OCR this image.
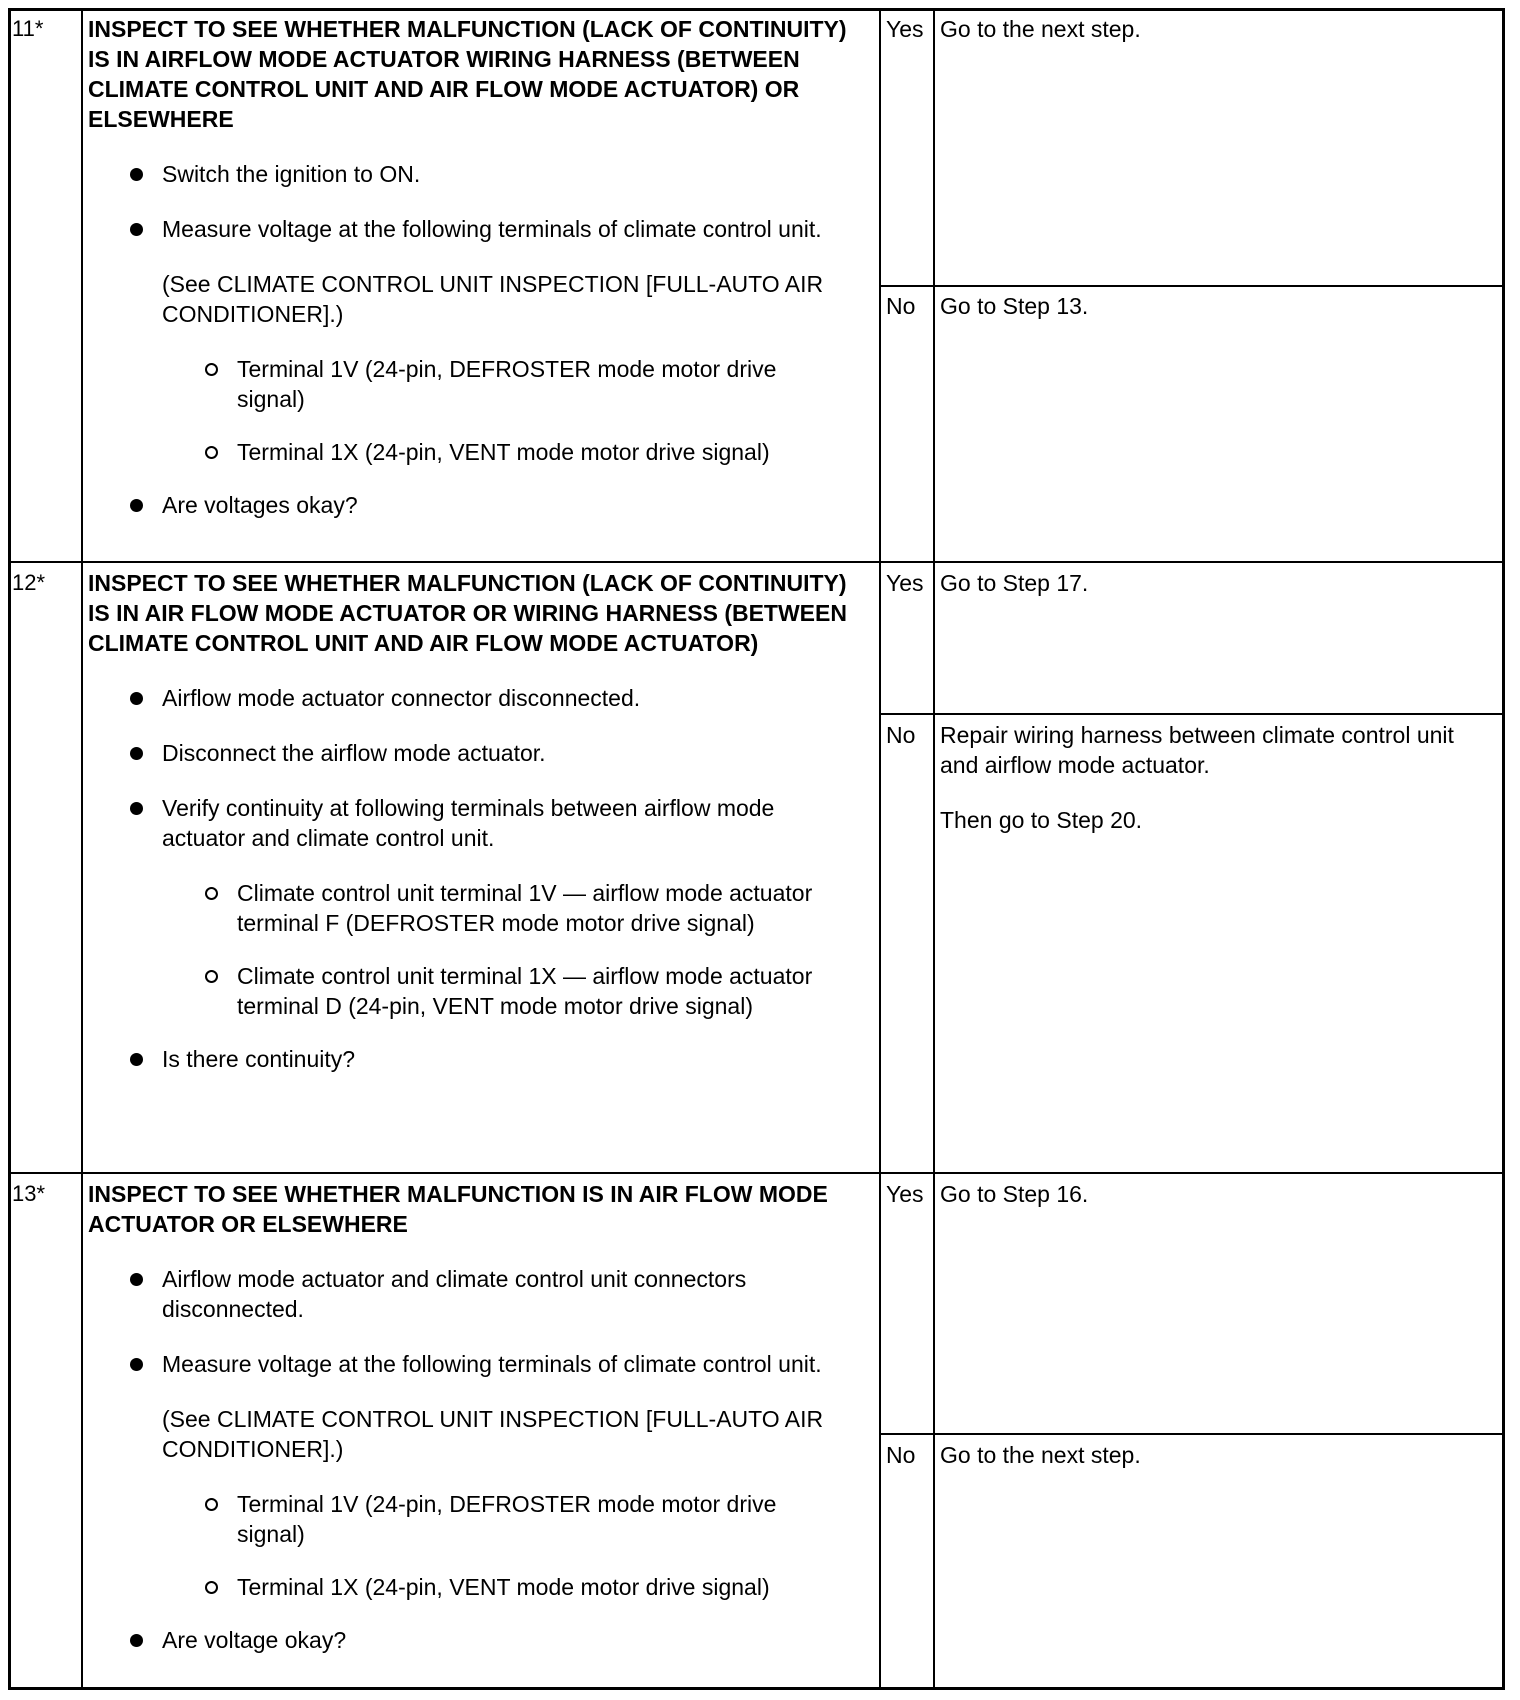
11* INSPECT TO SEE WHETHER MALFUNCTION (LACK OF CONTINUITY) IS IN AIRFLOW MODE ACTUATOR WIRING HARNESS (BETWEEN CLIMATE CONTROL UNIT AND AIR FLOW MODE ACTUATOR) OR ELSEWHERE

Switch the ignition to ON.
Measure voltage at the following terminals of climate control unit.
(See CLIMATE CONTROL UNIT INSPECTION [FULL-AUTO AIR CONDITIONER].)
Terminal 1V (24-pin, DEFROSTER mode motor drive signal)
Terminal 1X (24-pin, VENT mode motor drive signal)
Are voltages okay?
Yes Go to the next step.

No Go to Step 13.

12* INSPECT TO SEE WHETHER MALFUNCTION (LACK OF CONTINUITY) IS IN AIR FLOW MODE ACTUATOR OR WIRING HARNESS (BETWEEN CLIMATE CONTROL UNIT AND AIR FLOW MODE ACTUATOR)

Airflow mode actuator connector disconnected.
Disconnect the airflow mode actuator.
Verify continuity at following terminals between airflow mode actuator and climate control unit.
Climate control unit terminal 1V — airflow mode actuator terminal F (DEFROSTER mode motor drive signal)
Climate control unit terminal 1X — airflow mode actuator terminal D (24-pin, VENT mode motor drive signal)
Is there continuity?
Yes Go to Step 17.

No Repair wiring harness between climate control unit and airflow mode actuator.

Then go to Step 20.

13* INSPECT TO SEE WHETHER MALFUNCTION IS IN AIR FLOW MODE ACTUATOR OR ELSEWHERE

Airflow mode actuator and climate control unit connectors disconnected.
Measure voltage at the following terminals of climate control unit.
(See CLIMATE CONTROL UNIT INSPECTION [FULL-AUTO AIR CONDITIONER].)
Terminal 1V (24-pin, DEFROSTER mode motor drive signal)
Terminal 1X (24-pin, VENT mode motor drive signal)
Are voltage okay?
Yes Go to Step 16.

No Go to the next step.
